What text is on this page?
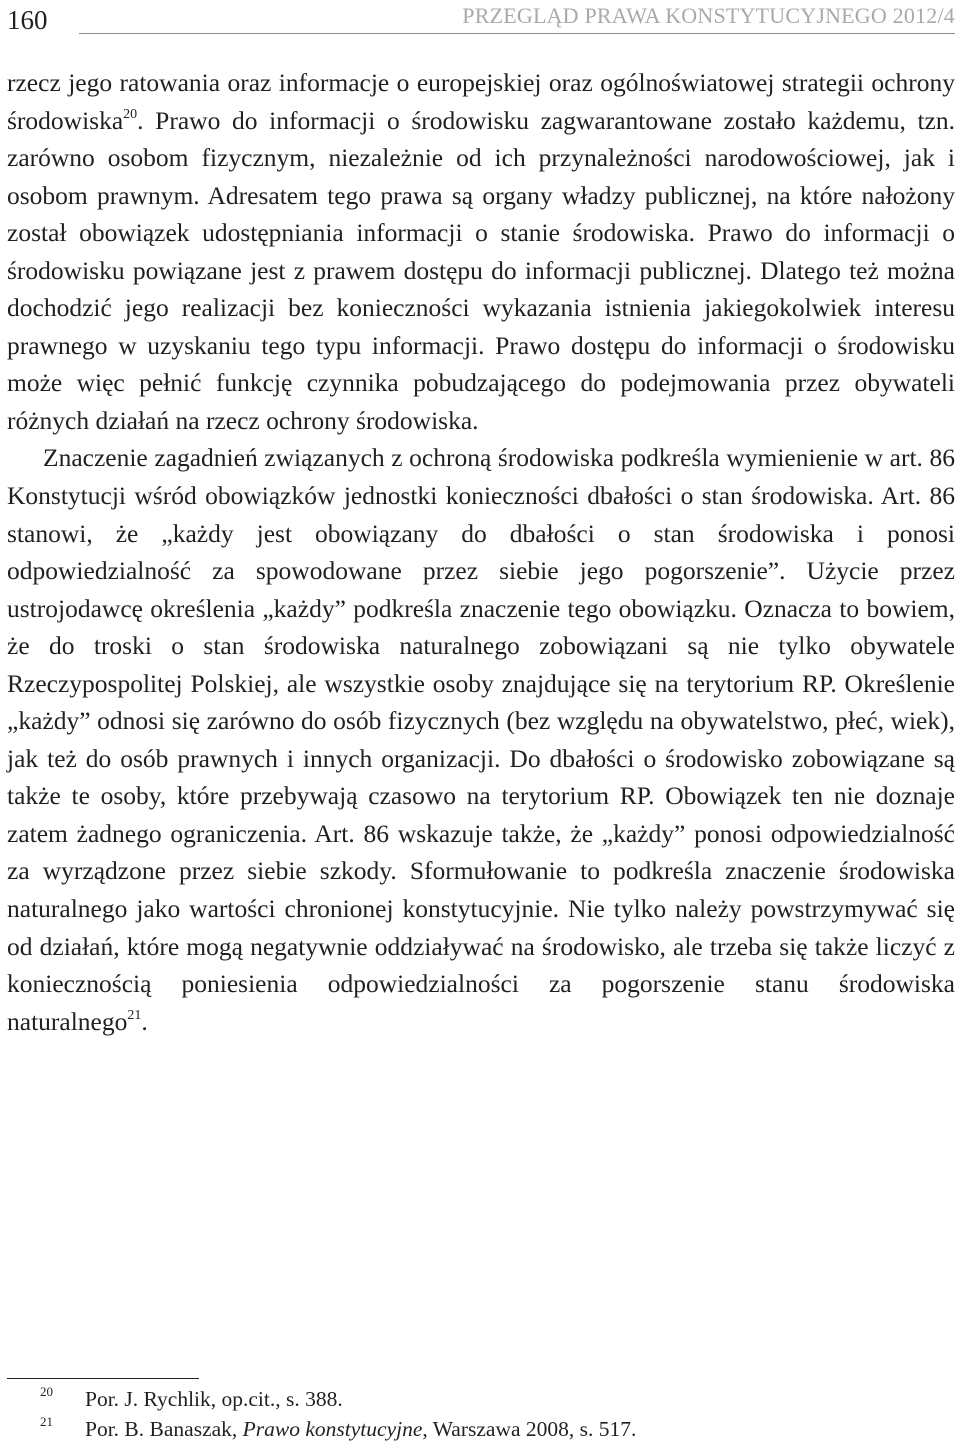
160	PRZEGLĄD PRAWA KONSTYTUCYJNEGO 2012/4

rzecz jego ratowania oraz informacje o europejskiej oraz ogólnoświatowej strategii ochrony środowiska$^{20}$. Prawo do informacji o środowisku zagwarantowane zostało każdemu, tzn. zarówno osobom fizycznym, niezależnie od ich przynależności narodowościowej, jak i osobom prawnym. Adresatem tego prawa są organy władzy publicznej, na które nałożony został obowiązek udostępniania informacji o stanie środowiska. Prawo do informacji o środowisku powiązane jest z prawem dostępu do informacji publicznej. Dlatego też można dochodzić jego realizacji bez konieczności wykazania istnienia jakiegokolwiek interesu prawnego w uzyskaniu tego typu informacji. Prawo dostępu do informacji o środowisku może więc pełnić funkcję czynnika pobudzającego do podejmowania przez obywateli różnych działań na rzecz ochrony środowiska.

Znaczenie zagadnień związanych z ochroną środowiska podkreśla wymienienie w art. 86 Konstytucji wśród obowiązków jednostki konieczności dbałości o stan środowiska. Art. 86 stanowi, że „każdy jest obowiązany do dbałości o stan środowiska i ponosi odpowiedzialność za spowodowane przez siebie jego pogorszenie”. Użycie przez ustrojodawcę określenia „każdy” podkreśla znaczenie tego obowiązku. Oznacza to bowiem, że do troski o stan środowiska naturalnego zobowiązani są nie tylko obywatele Rzeczypospolitej Polskiej, ale wszystkie osoby znajdujące się na terytorium RP. Określenie „każdy” odnosi się zarówno do osób fizycznych (bez względu na obywatelstwo, płeć, wiek), jak też do osób prawnych i innych organizacji. Do dbałości o środowisko zobowiązane są także te osoby, które przebywają czasowo na terytorium RP. Obowiązek ten nie doznaje zatem żadnego ograniczenia. Art. 86 wskazuje także, że „każdy” ponosi odpowiedzialność za wyrządzone przez siebie szkody. Sformułowanie to podkreśla znaczenie środowiska naturalnego jako wartości chronionej konstytucyjnie. Nie tylko należy powstrzymywać się od działań, które mogą negatywnie oddziaływać na środowisko, ale trzeba się także liczyć z koniecznością poniesienia odpowiedzialności za pogorszenie stanu środowiska naturalnego$^{21}$.

20 Por. J. Rychlik, op.cit., s. 388.
21 Por. B. Banaszak, Prawo konstytucyjne, Warszawa 2008, s. 517.
